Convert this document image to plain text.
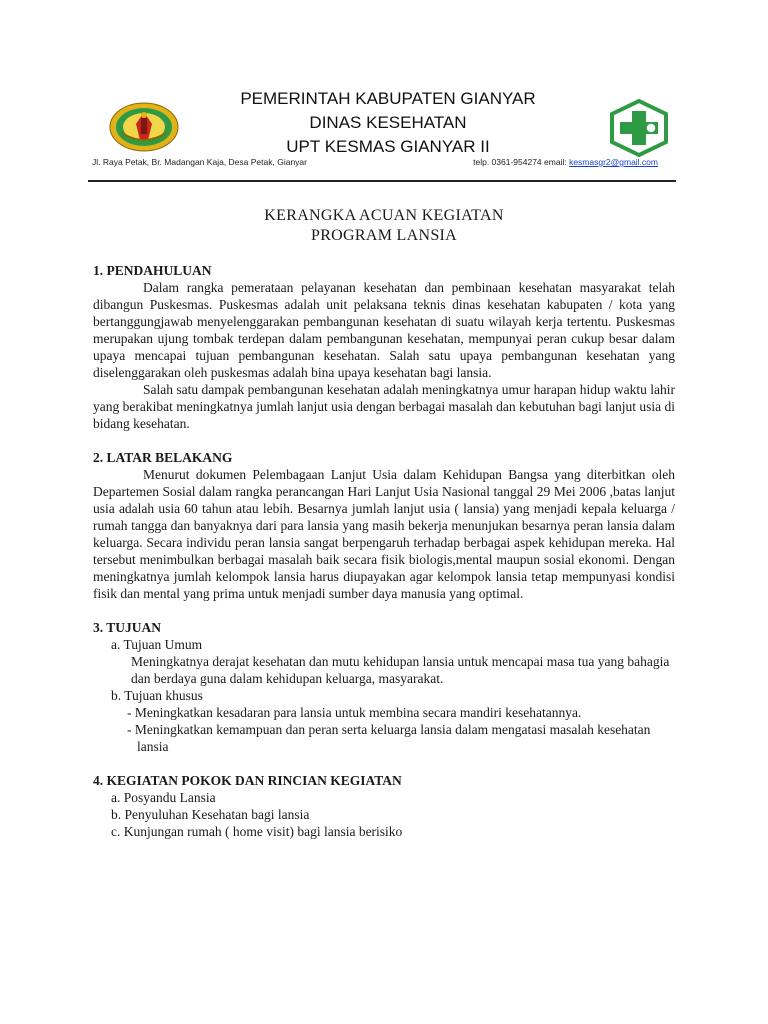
PEMERINTAH KABUPATEN GIANYAR
DINAS KESEHATAN
UPT KESMAS GIANYAR II
Jl. Raya Petak, Br. Madangan Kaja, Desa Petak, Gianyar	telp. 0361-954274 email: kesmasgr2@gmail.com
KERANGKA ACUAN KEGIATAN
PROGRAM LANSIA

1. PENDAHULUAN

Dalam rangka pemerataan pelayanan kesehatan dan pembinaan kesehatan masyarakat telah dibangun Puskesmas. Puskesmas adalah unit pelaksana teknis dinas kesehatan kabupaten / kota yang bertanggungjawab menyelenggarakan pembangunan kesehatan di suatu wilayah kerja tertentu. Puskesmas merupakan ujung tombak terdepan dalam pembangunan kesehatan, mempunyai peran cukup besar dalam upaya mencapai tujuan pembangunan kesehatan. Salah satu upaya pembangunan kesehatan yang diselenggarakan oleh puskesmas adalah bina upaya kesehatan bagi lansia.

Salah satu dampak pembangunan kesehatan adalah meningkatnya umur harapan hidup waktu lahir yang berakibat meningkatnya jumlah lanjut usia dengan berbagai masalah dan kebutuhan bagi lanjut usia di bidang kesehatan.

2. LATAR BELAKANG

Menurut dokumen Pelembagaan Lanjut Usia dalam Kehidupan Bangsa yang diterbitkan oleh Departemen Sosial dalam rangka perancangan Hari Lanjut Usia Nasional tanggal 29 Mei 2006 ,batas lanjut usia adalah usia 60 tahun atau lebih. Besarnya jumlah lanjut usia ( lansia) yang menjadi kepala keluarga / rumah tangga dan banyaknya dari para lansia yang masih bekerja menunjukan besarnya peran lansia dalam keluarga. Secara individu peran lansia sangat berpengaruh terhadap berbagai aspek kehidupan mereka. Hal tersebut menimbulkan berbagai masalah baik secara fisik biologis,mental maupun sosial ekonomi. Dengan meningkatnya jumlah kelompok lansia harus diupayakan agar kelompok lansia tetap mempunyasi kondisi fisik dan mental yang prima untuk menjadi sumber daya manusia yang optimal.

3. TUJUAN

a. Tujuan Umum

Meningkatnya derajat kesehatan dan mutu kehidupan lansia untuk mencapai masa tua yang bahagia dan berdaya guna dalam kehidupan keluarga, masyarakat.

b. Tujuan khusus

- Meningkatkan kesadaran para lansia untuk membina secara mandiri kesehatannya.

- Meningkatkan kemampuan dan peran serta keluarga lansia dalam mengatasi masalah kesehatan lansia

4. KEGIATAN POKOK DAN RINCIAN KEGIATAN

a. Posyandu Lansia

b. Penyuluhan Kesehatan bagi lansia

c. Kunjungan rumah ( home visit) bagi lansia berisiko
